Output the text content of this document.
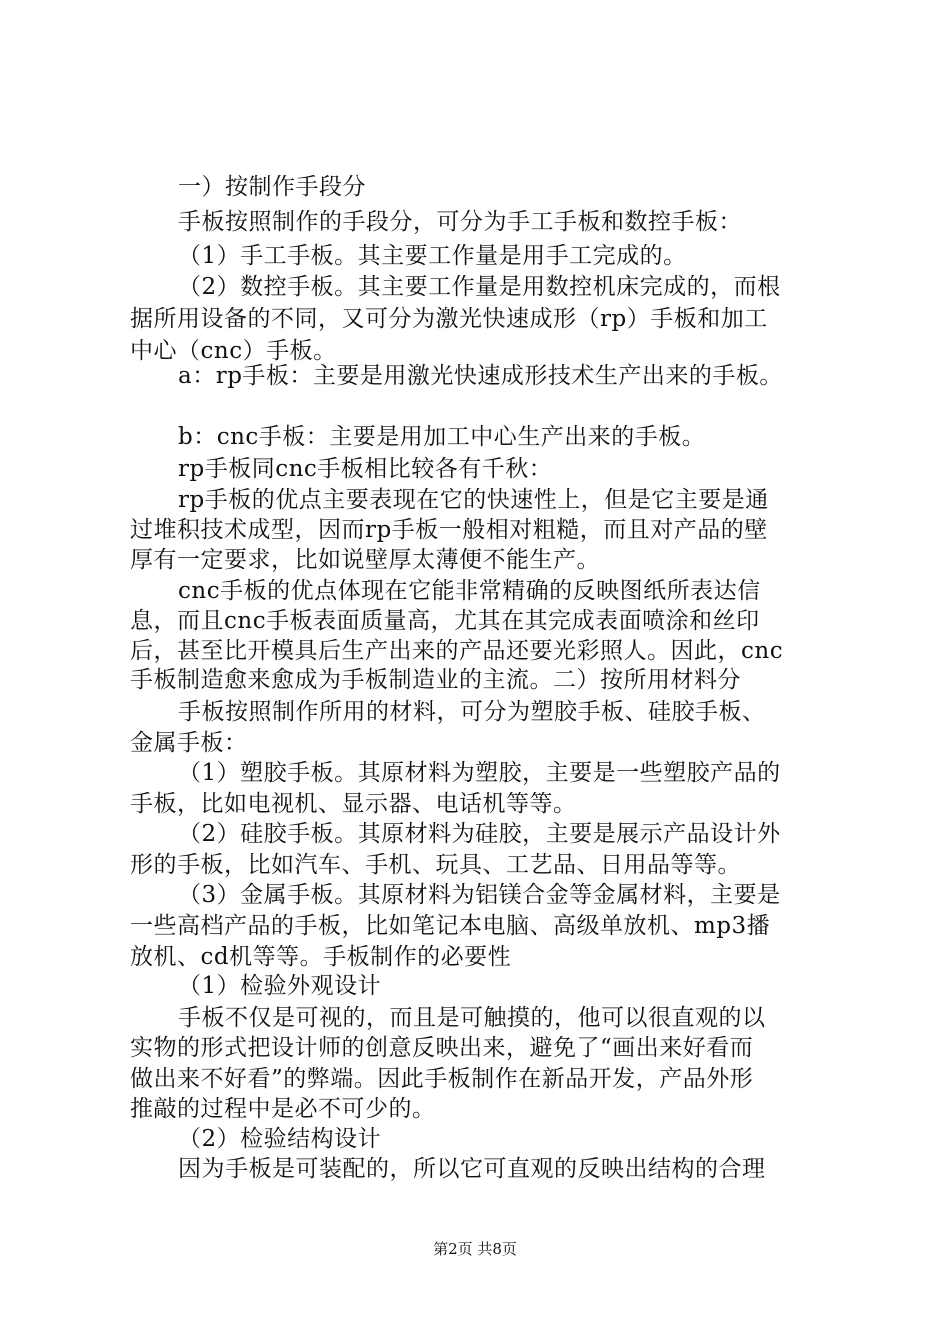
一）按制作手段分
手板按照制作的手段分，可分为手工手板和数控手板：
（1）手工手板。其主要工作量是用手工完成的。
（2）数控手板。其主要工作量是用数控机床完成的，而根
据所用设备的不同，又可分为激光快速成形（rp）手板和加工
中心（cnc）手板。
a：rp手板：主要是用激光快速成形技术生产出来的手板。
b：cnc手板：主要是用加工中心生产出来的手板。
rp手板同cnc手板相比较各有千秋：
rp手板的优点主要表现在它的快速性上，但是它主要是通
过堆积技术成型，因而rp手板一般相对粗糙，而且对产品的壁
厚有一定要求，比如说壁厚太薄便不能生产。
cnc手板的优点体现在它能非常精确的反映图纸所表达信
息，而且cnc手板表面质量高，尤其在其完成表面喷涂和丝印
后，甚至比开模具后生产出来的产品还要光彩照人。因此，cnc
手板制造愈来愈成为手板制造业的主流。二）按所用材料分
手板按照制作所用的材料，可分为塑胶手板、硅胶手板、
金属手板：
（1）塑胶手板。其原材料为塑胶，主要是一些塑胶产品的
手板，比如电视机、显示器、电话机等等。
（2）硅胶手板。其原材料为硅胶，主要是展示产品设计外
形的手板，比如汽车、手机、玩具、工艺品、日用品等等。
（3）金属手板。其原材料为铝镁合金等金属材料，主要是
一些高档产品的手板，比如笔记本电脑、高级单放机、mp3播
放机、cd机等等。手板制作的必要性
（1）检验外观设计
手板不仅是可视的，而且是可触摸的，他可以很直观的以
实物的形式把设计师的创意反映出来，避免了“画出来好看而
做出来不好看”的弊端。因此手板制作在新品开发，产品外形
推敲的过程中是必不可少的。
（2）检验结构设计
因为手板是可装配的，所以它可直观的反映出结构的合理
第2页 共8页
